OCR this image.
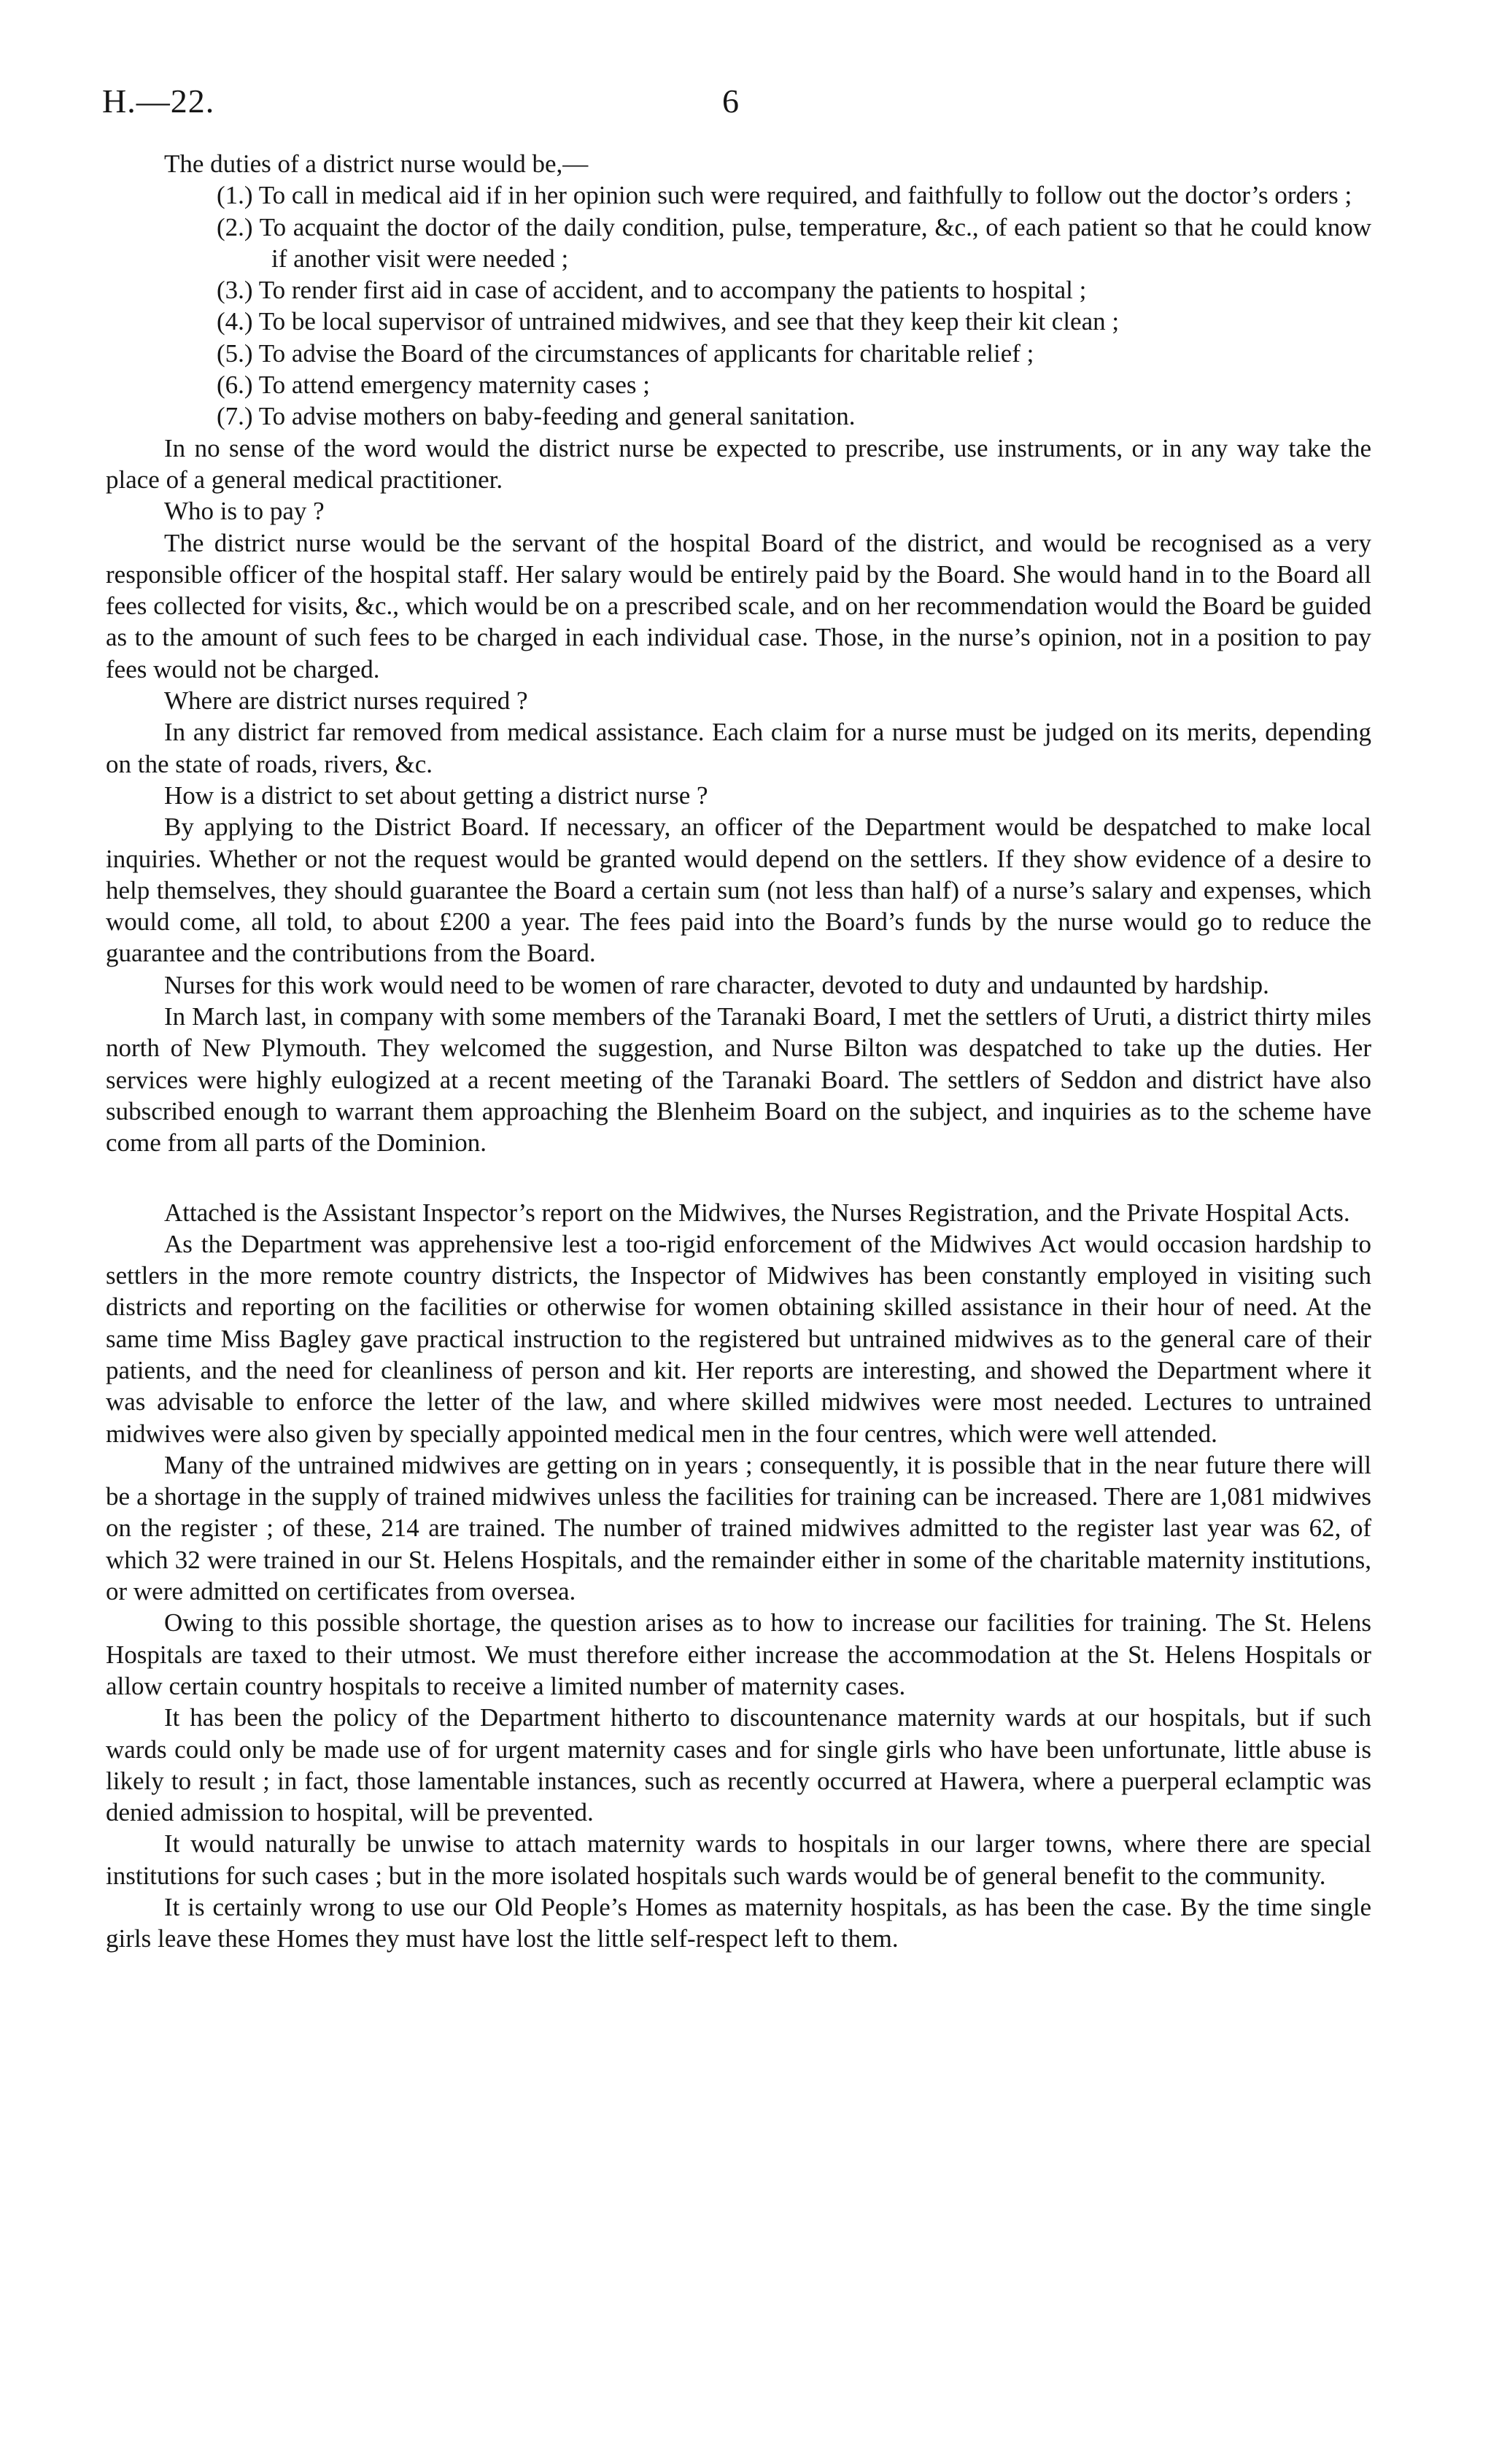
H.—22.	6

The duties of a district nurse would be,—

(1.) To call in medical aid if in her opinion such were required, and faithfully to follow out the doctor’s orders ;
(2.) To acquaint the doctor of the daily condition, pulse, temperature, &c., of each patient so that he could know if another visit were needed ;
(3.) To render first aid in case of accident, and to accompany the patients to hospital ;
(4.) To be local supervisor of untrained midwives, and see that they keep their kit clean ;
(5.) To advise the Board of the circumstances of applicants for charitable relief ;
(6.) To attend emergency maternity cases ;
(7.) To advise mothers on baby-feeding and general sanitation.

In no sense of the word would the district nurse be expected to prescribe, use instruments, or in any way take the place of a general medical practitioner.

Who is to pay ?

The district nurse would be the servant of the hospital Board of the district, and would be recognised as a very responsible officer of the hospital staff. Her salary would be entirely paid by the Board. She would hand in to the Board all fees collected for visits, &c., which would be on a prescribed scale, and on her recommendation would the Board be guided as to the amount of such fees to be charged in each individual case. Those, in the nurse’s opinion, not in a position to pay fees would not be charged.

Where are district nurses required ?

In any district far removed from medical assistance. Each claim for a nurse must be judged on its merits, depending on the state of roads, rivers, &c.

How is a district to set about getting a district nurse ?

By applying to the District Board. If necessary, an officer of the Department would be despatched to make local inquiries. Whether or not the request would be granted would depend on the settlers. If they show evidence of a desire to help themselves, they should guarantee the Board a certain sum (not less than half) of a nurse’s salary and expenses, which would come, all told, to about £200 a year. The fees paid into the Board’s funds by the nurse would go to reduce the guarantee and the contributions from the Board.

Nurses for this work would need to be women of rare character, devoted to duty and undaunted by hardship.

In March last, in company with some members of the Taranaki Board, I met the settlers of Uruti, a district thirty miles north of New Plymouth. They welcomed the suggestion, and Nurse Bilton was despatched to take up the duties. Her services were highly eulogized at a recent meeting of the Taranaki Board. The settlers of Seddon and district have also subscribed enough to warrant them approaching the Blenheim Board on the subject, and inquiries as to the scheme have come from all parts of the Dominion.

Attached is the Assistant Inspector’s report on the Midwives, the Nurses Registration, and the Private Hospital Acts.

As the Department was apprehensive lest a too-rigid enforcement of the Midwives Act would occasion hardship to settlers in the more remote country districts, the Inspector of Midwives has been constantly employed in visiting such districts and reporting on the facilities or otherwise for women obtaining skilled assistance in their hour of need. At the same time Miss Bagley gave practical instruction to the registered but untrained midwives as to the general care of their patients, and the need for cleanliness of person and kit. Her reports are interesting, and showed the Department where it was advisable to enforce the letter of the law, and where skilled midwives were most needed. Lectures to untrained midwives were also given by specially appointed medical men in the four centres, which were well attended.

Many of the untrained midwives are getting on in years ; consequently, it is possible that in the near future there will be a shortage in the supply of trained midwives unless the facilities for training can be increased. There are 1,081 midwives on the register ; of these, 214 are trained. The number of trained midwives admitted to the register last year was 62, of which 32 were trained in our St. Helens Hospitals, and the remainder either in some of the charitable maternity institutions, or were admitted on certificates from oversea.

Owing to this possible shortage, the question arises as to how to increase our facilities for training. The St. Helens Hospitals are taxed to their utmost. We must therefore either increase the accommodation at the St. Helens Hospitals or allow certain country hospitals to receive a limited number of maternity cases.

It has been the policy of the Department hitherto to discountenance maternity wards at our hospitals, but if such wards could only be made use of for urgent maternity cases and for single girls who have been unfortunate, little abuse is likely to result ; in fact, those lamentable instances, such as recently occurred at Hawera, where a puerperal eclamptic was denied admission to hospital, will be prevented.

It would naturally be unwise to attach maternity wards to hospitals in our larger towns, where there are special institutions for such cases ; but in the more isolated hospitals such wards would be of general benefit to the community.

It is certainly wrong to use our Old People’s Homes as maternity hospitals, as has been the case. By the time single girls leave these Homes they must have lost the little self-respect left to them.
